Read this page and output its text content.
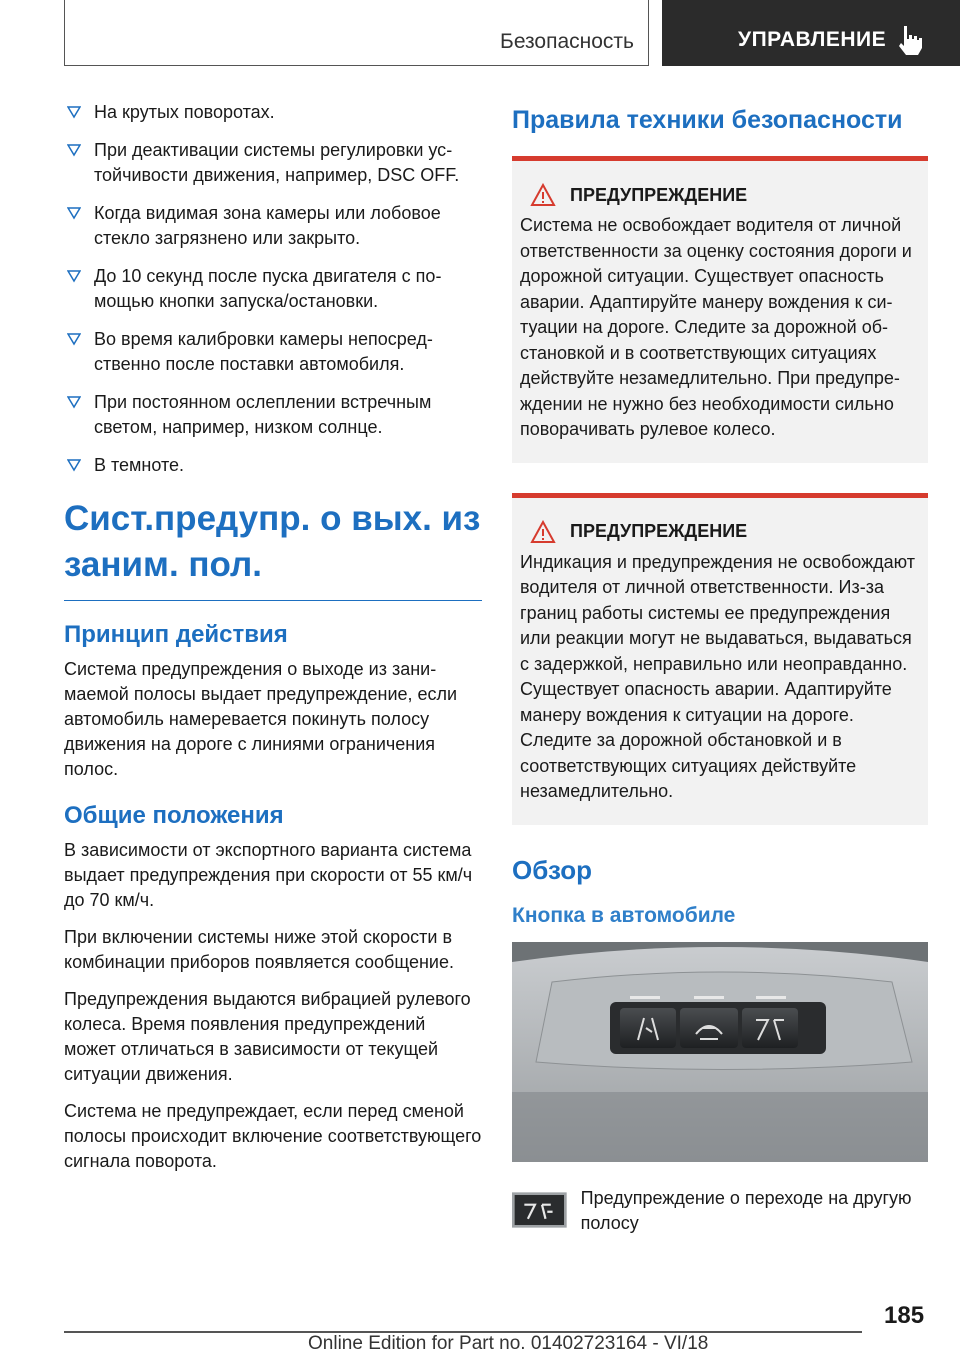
Безопасность	УПРАВЛЕНИЕ
На крутых поворотах.
При деактивации системы регулировки устойчивости движения, например, DSC OFF.
Когда видимая зона камеры или лобовое стекло загрязнено или закрыто.
До 10 секунд после пуска двигателя с помощью кнопки запуска/остановки.
Во время калибровки камеры непосредственно после поставки автомобиля.
При постоянном ослеплении встречным светом, например, низком солнце.
В темноте.
Сист.предупр. о вых. из заним. пол.
Принцип действия
Система предупреждения о выходе из занимаемой полосы выдает предупреждение, если автомобиль намеревается покинуть полосу движения на дороге с линиями ограничения полос.
Общие положения
В зависимости от экспортного варианта система выдает предупреждения при скорости от 55 км/ч до 70 км/ч.
При включении системы ниже этой скорости в комбинации приборов появляется сообщение.
Предупреждения выдаются вибрацией рулевого колеса. Время появления предупреждений может отличаться в зависимости от текущей ситуации движения.
Система не предупреждает, если перед сменой полосы происходит включение соответствующего сигнала поворота.
Правила техники безопасности
ПРЕДУПРЕЖДЕНИЕ
Система не освобождает водителя от личной ответственности за оценку состояния дороги и дорожной ситуации. Существует опасность аварии. Адаптируйте манеру вождения к ситуации на дороге. Следите за дорожной обстановкой и в соответствующих ситуациях действуйте незамедлительно. При предупреждении не нужно без необходимости сильно поворачивать рулевое колесо.
ПРЕДУПРЕЖДЕНИЕ
Индикация и предупреждения не освобождают водителя от личной ответственности. Из-за границ работы системы ее предупреждения или реакции могут не выдаваться, выдаваться с задержкой, неправильно или неоправданно. Существует опасность аварии. Адаптируйте манеру вождения к ситуации на дороге. Следите за дорожной обстановкой и в соответствующих ситуациях действуйте незамедлительно.
Обзор
Кнопка в автомобиле
Предупреждение о переходе на другую полосу
185
Online Edition for Part no. 01402723164 - VI/18
